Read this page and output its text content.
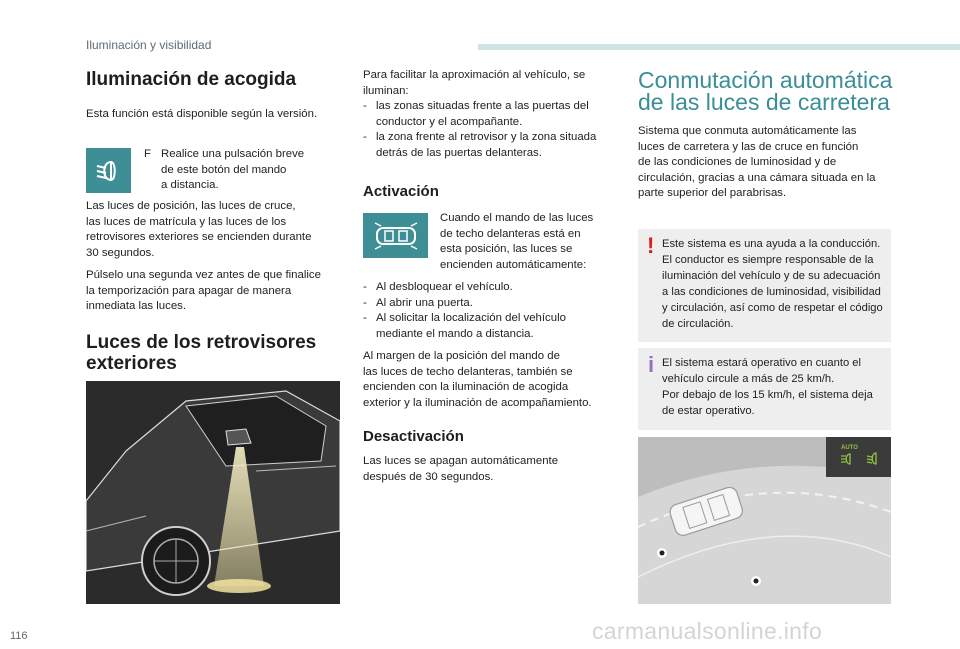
Iluminación y visibilidad
Iluminación de acogida

Esta función está disponible según la versión.

F Realice una pulsación breve
de este botón del mando
a distancia.
Las luces de posición, las luces de cruce,
las luces de matrícula y las luces de los
retrovisores exteriores se encienden durante
30 segundos.
Púlselo una segunda vez antes de que finalice
la temporización para apagar de manera
inmediata las luces.
Luces de los retrovisores
exteriores
Para facilitar la aproximación al vehículo, se
iluminan:
- las zonas situadas frente a las puertas del
conductor y el acompañante.
- la zona frente al retrovisor y la zona situada
detrás de las puertas delanteras.
Activación
Cuando el mando de las luces
de techo delanteras está en
esta posición, las luces se
encienden automáticamente:
- Al desbloquear el vehículo.
- Al abrir una puerta.
- Al solicitar la localización del vehículo
mediante el mando a distancia.
Al margen de la posición del mando de
las luces de techo delanteras, también se
encienden con la iluminación de acogida
exterior y la iluminación de acompañamiento.
Desactivación
Las luces se apagan automáticamente
después de 30 segundos.
Conmutación automática
de las luces de carretera
Sistema que conmuta automáticamente las
luces de carretera y las de cruce en función
de las condiciones de luminosidad y de
circulación, gracias a una cámara situada en la
parte superior del parabrisas.
! Este sistema es una ayuda a la conducción.
El conductor es siempre responsable de la
iluminación del vehículo y de su adecuación
a las condiciones de luminosidad, visibilidad
y circulación, así como de respetar el código
de circulación.
i El sistema estará operativo en cuanto el
vehículo circule a más de 25 km/h.
Por debajo de los 15 km/h, el sistema deja
de estar operativo.
AUTO
116	carmanualsonline.info
